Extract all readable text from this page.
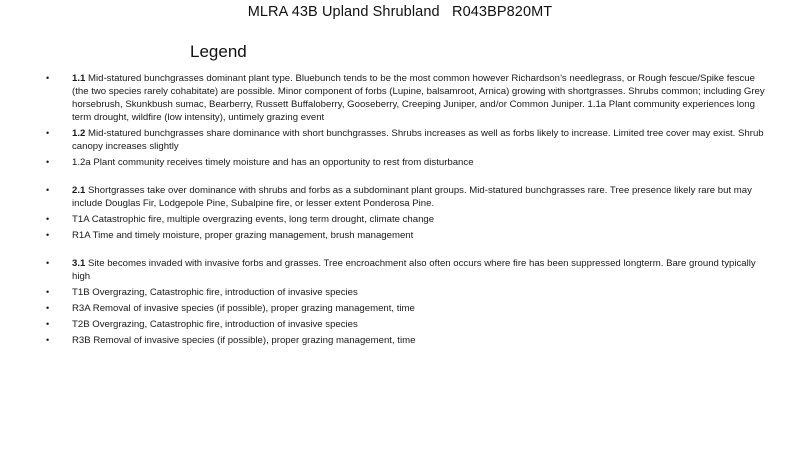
MLRA 43B Upland Shrubland   R043BP820MT
Legend
• 1.1 Mid-statured bunchgrasses dominant plant type. Bluebunch tends to be the most common however Richardson’s needlegrass, or Rough fescue/Spike fescue (the two species rarely cohabitate) are possible. Minor component of forbs (Lupine, balsamroot, Arnica) growing with shortgrasses. Shrubs common; including Grey horsebrush, Skunkbush sumac, Bearberry, Russett Buffaloberry, Gooseberry, Creeping Juniper, and/or Common Juniper. 1.1a Plant community experiences long term drought, wildfire (low intensity), untimely grazing event
• 1.2 Mid-statured bunchgrasses share dominance with short bunchgrasses. Shrubs increases as well as forbs likely to increase. Limited tree cover may exist. Shrub canopy increases slightly
• 1.2a Plant community receives timely moisture and has an opportunity to rest from disturbance
• 2.1 Shortgrasses take over dominance with shrubs and forbs as a subdominant plant groups. Mid-statured bunchgrasses rare. Tree presence likely rare but may include Douglas Fir, Lodgepole Pine, Subalpine fire, or lesser extent Ponderosa Pine.
• T1A Catastrophic fire, multiple overgrazing events, long term drought, climate change
• R1A Time and timely moisture, proper grazing management, brush management
• 3.1 Site becomes invaded with invasive forbs and grasses. Tree encroachment also often occurs where fire has been suppressed longterm. Bare ground typically high
• T1B Overgrazing, Catastrophic fire, introduction of invasive species
• R3A Removal of invasive species (if possible), proper grazing management, time
• T2B Overgrazing, Catastrophic fire, introduction of invasive species
• R3B Removal of invasive species (if possible), proper grazing management, time
